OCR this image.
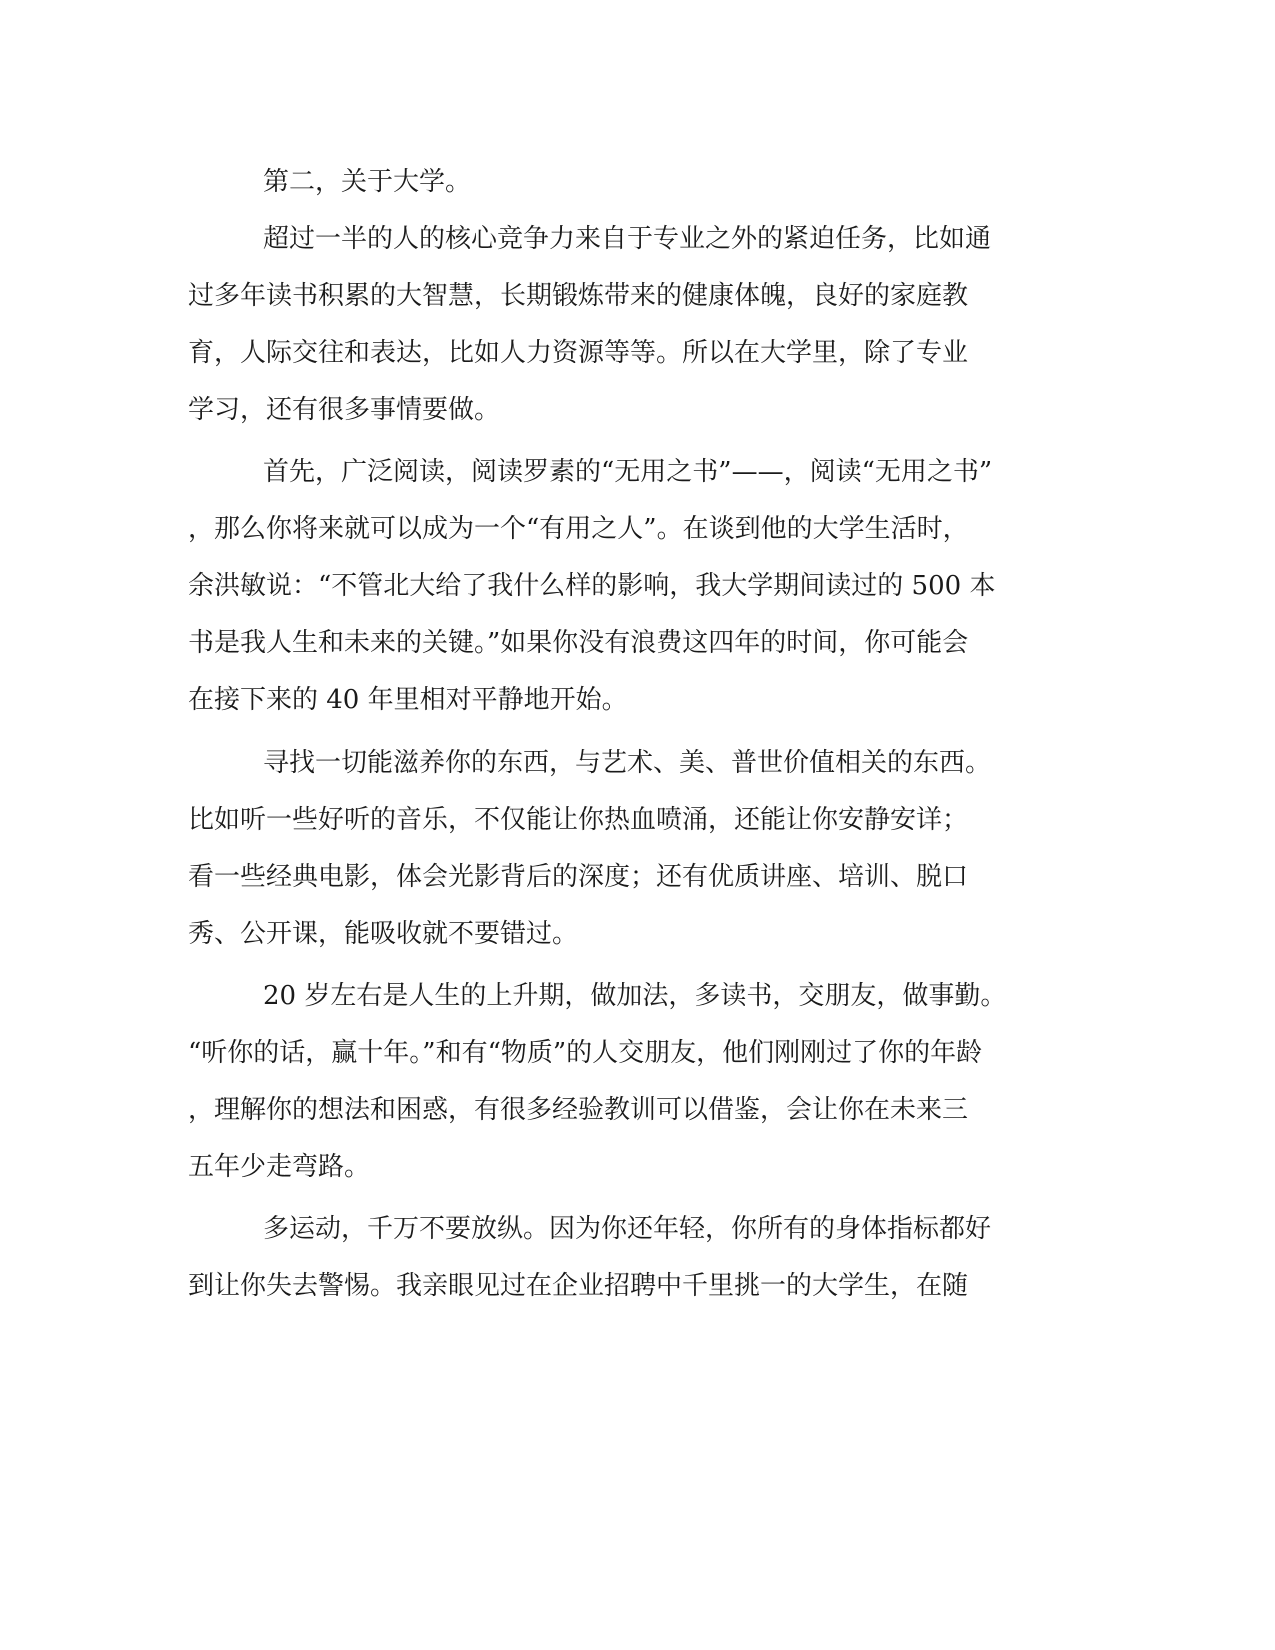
第二，关于大学。
超过一半的人的核心竞争力来自于专业之外的紧迫任务，比如通
过多年读书积累的大智慧，长期锻炼带来的健康体魄，良好的家庭教
育，人际交往和表达，比如人力资源等等。所以在大学里，除了专业
学习，还有很多事情要做。
首先，广泛阅读，阅读罗素的“无用之书”——，阅读“无用之书”
，那么你将来就可以成为一个“有用之人”。在谈到他的大学生活时，
余洪敏说：“不管北大给了我什么样的影响，我大学期间读过的 500 本
书是我人生和未来的关键。”如果你没有浪费这四年的时间，你可能会
在接下来的 40 年里相对平静地开始。
寻找一切能滋养你的东西，与艺术、美、普世价值相关的东西。
比如听一些好听的音乐，不仅能让你热血喷涌，还能让你安静安详；
看一些经典电影，体会光影背后的深度；还有优质讲座、培训、脱口
秀、公开课，能吸收就不要错过。
20 岁左右是人生的上升期，做加法，多读书，交朋友，做事勤。
“听你的话，赢十年。”和有“物质”的人交朋友，他们刚刚过了你的年龄
，理解你的想法和困惑，有很多经验教训可以借鉴，会让你在未来三
五年少走弯路。
多运动，千万不要放纵。因为你还年轻，你所有的身体指标都好
到让你失去警惕。我亲眼见过在企业招聘中千里挑一的大学生，在随
